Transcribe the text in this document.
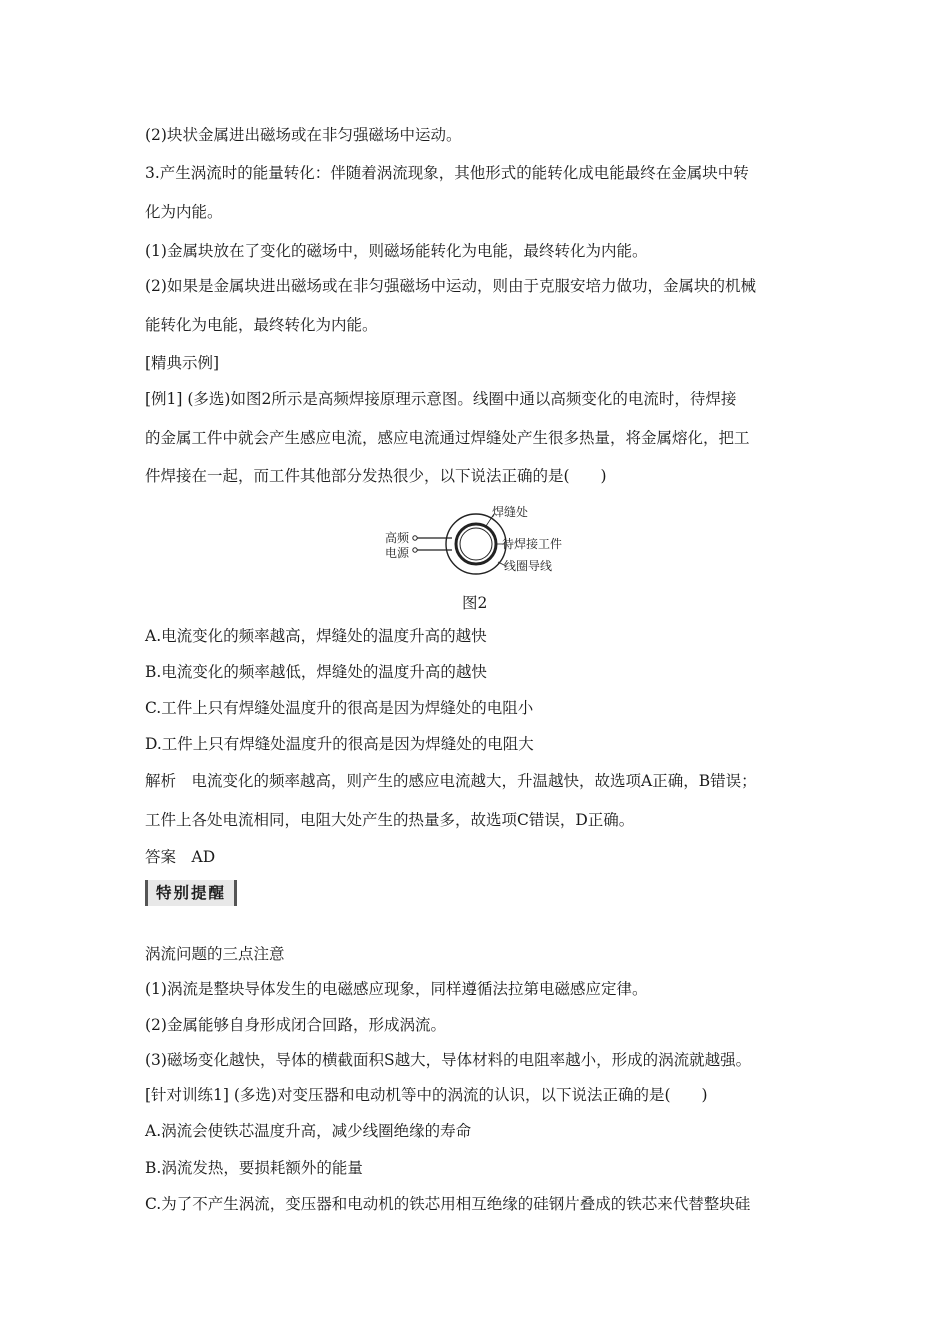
(2)块状金属进出磁场或在非匀强磁场中运动。
3.产生涡流时的能量转化：伴随着涡流现象，其他形式的能转化成电能最终在金属块中转
化为内能。
(1)金属块放在了变化的磁场中，则磁场能转化为电能，最终转化为内能。
(2)如果是金属块进出磁场或在非匀强磁场中运动，则由于克服安培力做功，金属块的机械
能转化为电能，最终转化为内能。
[精典示例]
[例1] (多选)如图2所示是高频焊接原理示意图。线圈中通以高频变化的电流时，待焊接
的金属工件中就会产生感应电流，感应电流通过焊缝处产生很多热量，将金属熔化，把工
件焊接在一起，而工件其他部分发热很少，以下说法正确的是(　　)
高频
电源
焊缝处
待焊接工件
线圈导线
图2
A.电流变化的频率越高，焊缝处的温度升高的越快
B.电流变化的频率越低，焊缝处的温度升高的越快
C.工件上只有焊缝处温度升的很高是因为焊缝处的电阻小
D.工件上只有焊缝处温度升的很高是因为焊缝处的电阻大
解析　电流变化的频率越高，则产生的感应电流越大，升温越快，故选项A正确，B错误；
工件上各处电流相同，电阻大处产生的热量多，故选项C错误，D正确。
答案　AD
特别提醒
涡流问题的三点注意
(1)涡流是整块导体发生的电磁感应现象，同样遵循法拉第电磁感应定律。
(2)金属能够自身形成闭合回路，形成涡流。
(3)磁场变化越快，导体的横截面积S越大，导体材料的电阻率越小，形成的涡流就越强。
[针对训练1] (多选)对变压器和电动机等中的涡流的认识，以下说法正确的是(　　)
A.涡流会使铁芯温度升高，减少线圈绝缘的寿命
B.涡流发热，要损耗额外的能量
C.为了不产生涡流，变压器和电动机的铁芯用相互绝缘的硅钢片叠成的铁芯来代替整块硅
